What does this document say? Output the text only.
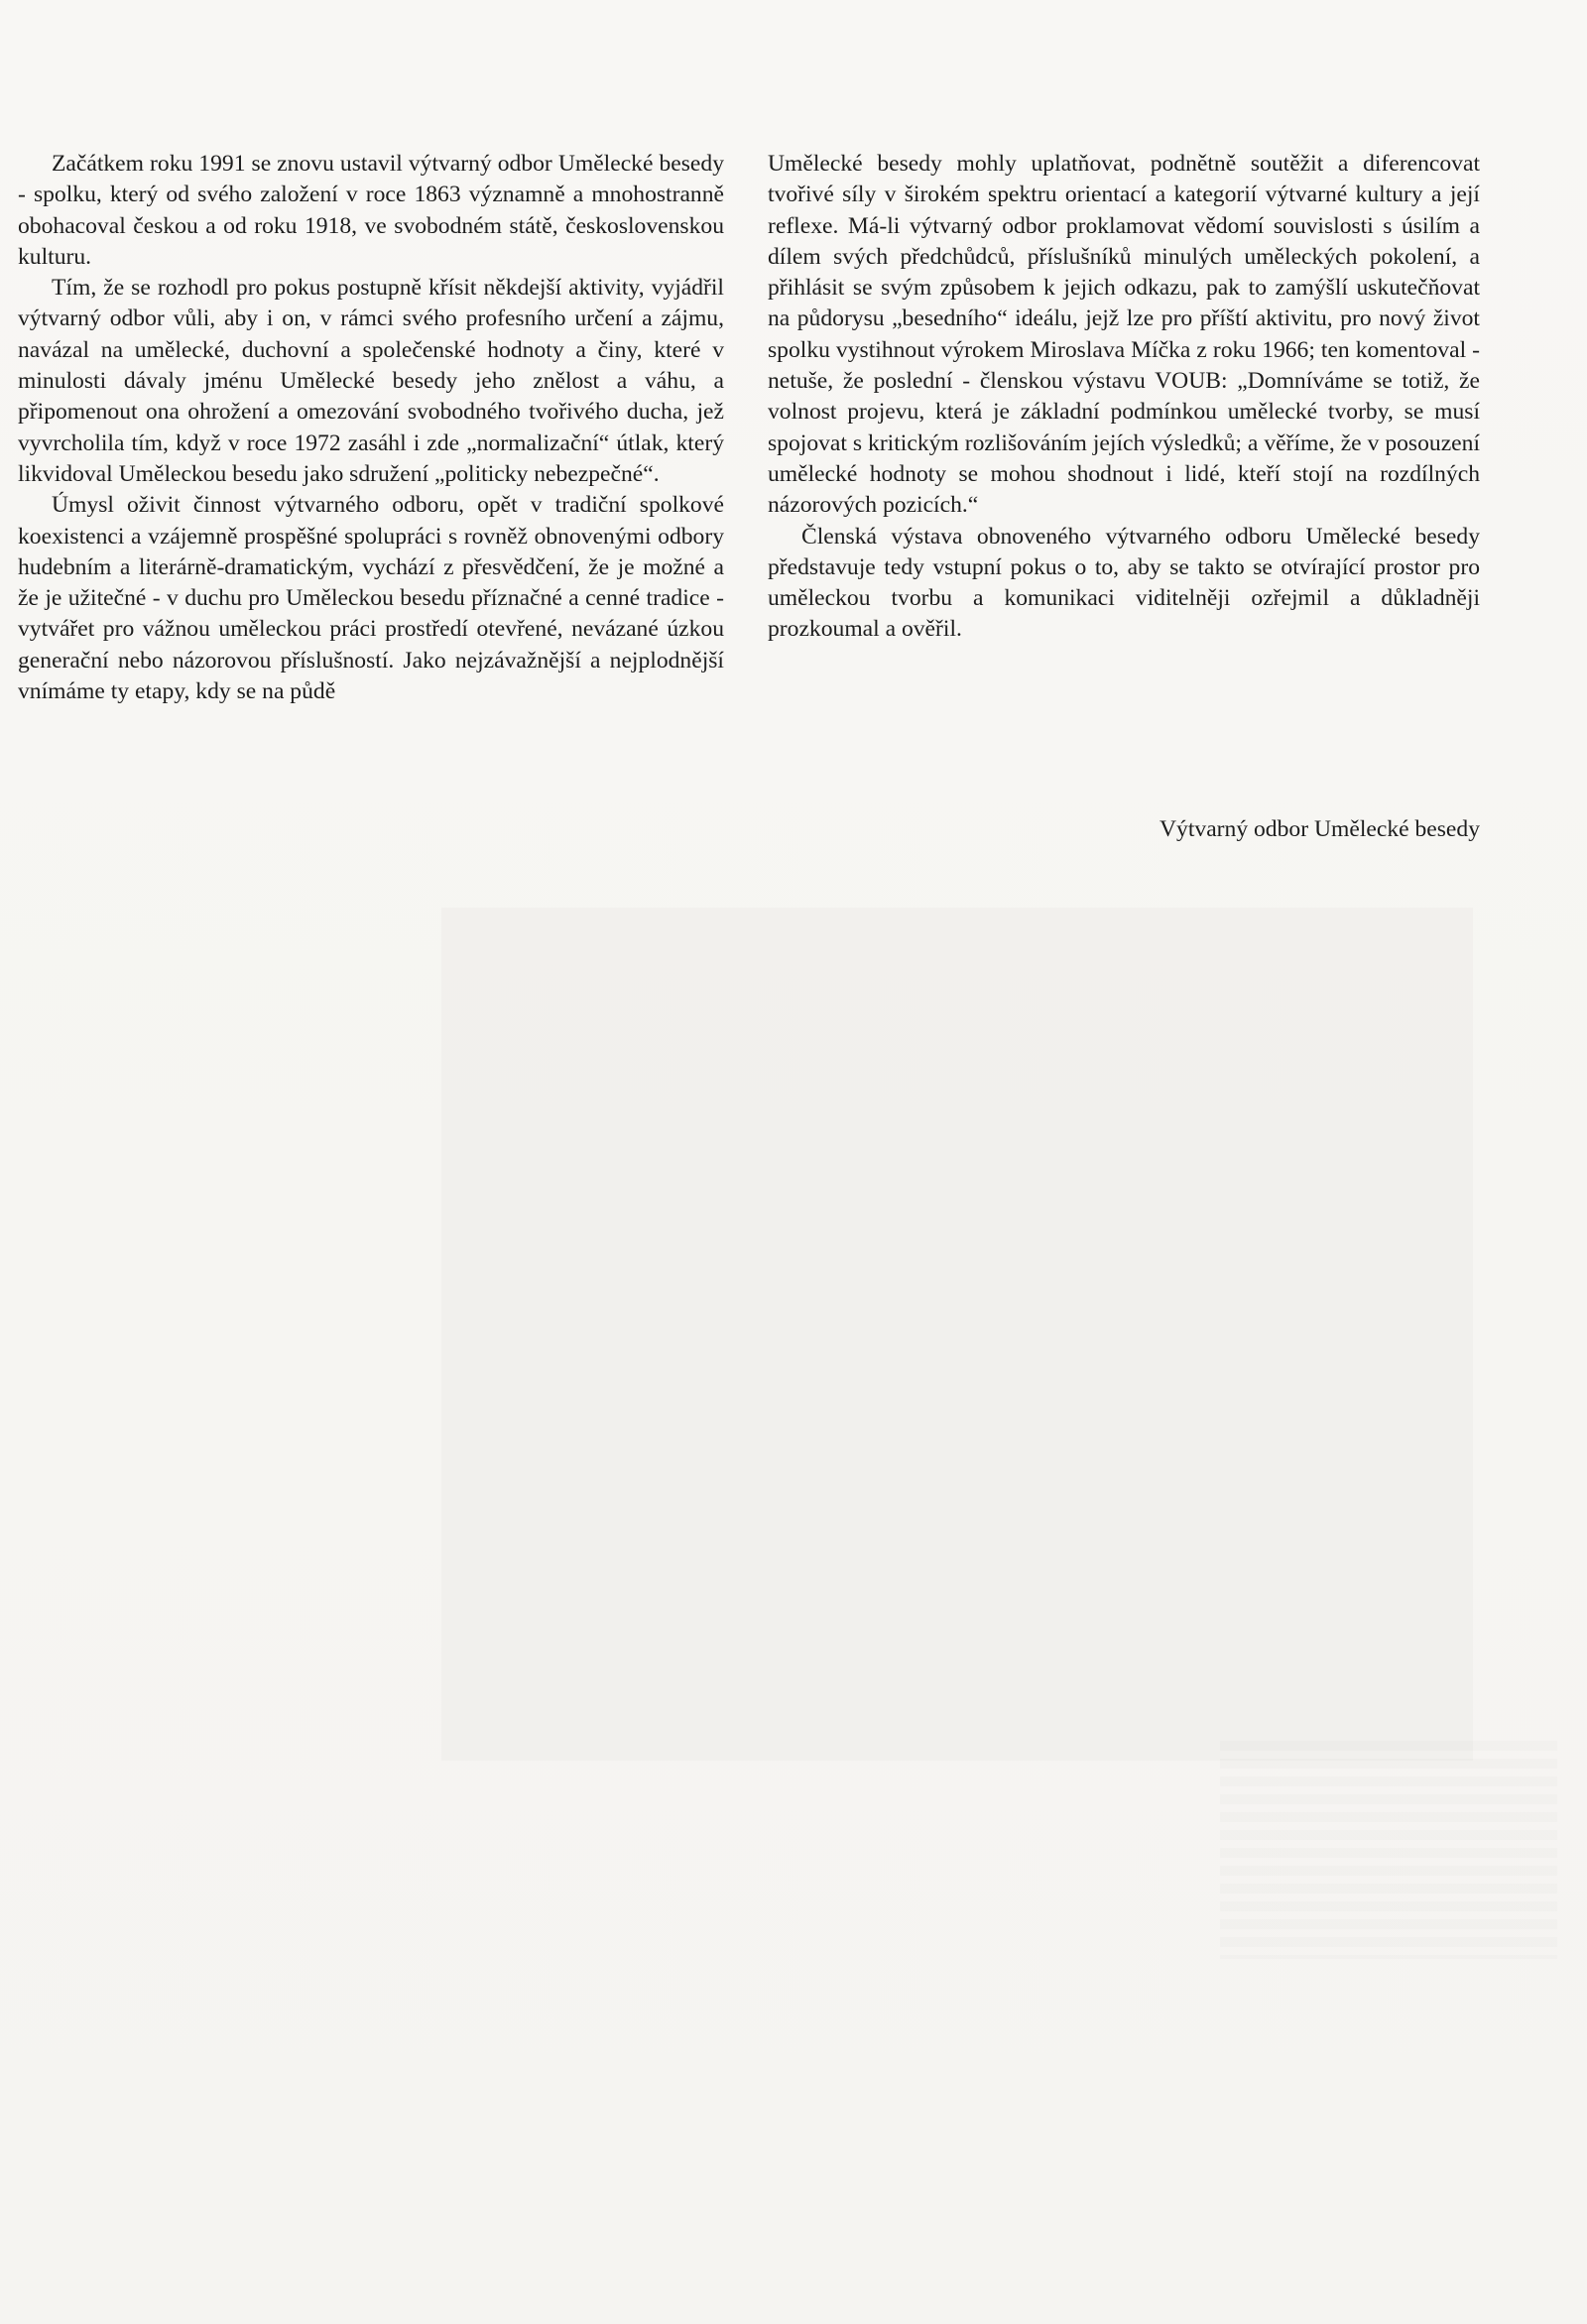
Začátkem roku 1991 se znovu ustavil výtvarný odbor Umělecké besedy - spolku, který od svého založení v roce 1863 významně a mnohostranně obohacoval českou a od roku 1918, ve svobodném státě, československou kulturu.

Tím, že se rozhodl pro pokus postupně křísit někdejší aktivity, vyjádřil výtvarný odbor vůli, aby i on, v rámci svého profesního určení a zájmu, navázal na umělecké, duchovní a společenské hodnoty a činy, které v minulosti dávaly jménu Umělecké besedy jeho znělost a váhu, a připomenout ona ohrožení a omezování svobodného tvořivého ducha, jež vyvrcholila tím, když v roce 1972 zasáhl i zde „normalizační“ útlak, který likvidoval Uměleckou besedu jako sdružení „politicky nebezpečné“.

Úmysl oživit činnost výtvarného odboru, opět v tradiční spolkové koexistenci a vzájemně prospěšné spolupráci s rovněž obnovenými odbory hudebním a literárně-dramatickým, vychází z přesvědčení, že je možné a že je užitečné - v duchu pro Uměleckou besedu příznačné a cenné tradice - vytvářet pro vážnou uměleckou práci prostředí otevřené, nevázané úzkou generační nebo názorovou příslušností. Jako nejzávažnější a nejplodnější vnímáme ty etapy, kdy se na půdě

Umělecké besedy mohly uplatňovat, podnětně soutěžit a diferencovat tvořivé síly v širokém spektru orientací a kategorií výtvarné kultury a její reflexe. Má-li výtvarný odbor proklamovat vědomí souvislosti s úsilím a dílem svých předchůdců, příslušníků minulých uměleckých pokolení, a přihlásit se svým způsobem k jejich odkazu, pak to zamýšlí uskutečňovat na půdorysu „besedního“ ideálu, jejž lze pro příští aktivitu, pro nový život spolku vystihnout výrokem Miroslava Míčka z roku 1966; ten komentoval - netuše, že poslední - členskou výstavu VOUB: „Domníváme se totiž, že volnost projevu, která je základní podmínkou umělecké tvorby, se musí spojovat s kritickým rozlišováním jejích výsledků; a věříme, že v posouzení umělecké hodnoty se mohou shodnout i lidé, kteří stojí na rozdílných názorových pozicích.“

Členská výstava obnoveného výtvarného odboru Umělecké besedy představuje tedy vstupní pokus o to, aby se takto se otvírající prostor pro uměleckou tvorbu a komunikaci viditelněji ozřejmil a důkladněji prozkoumal a ověřil.

Výtvarný odbor Umělecké besedy
